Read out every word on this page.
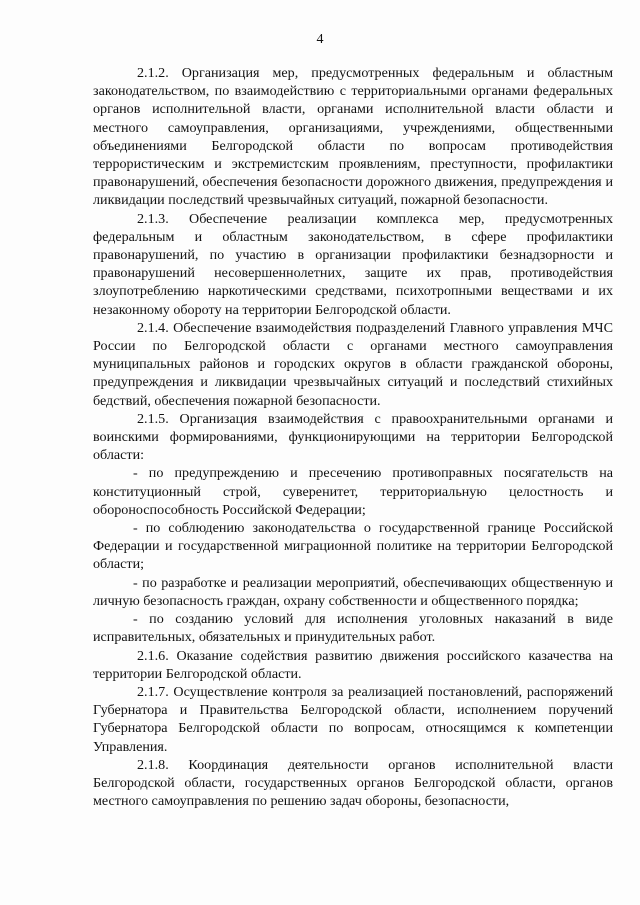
4

2.1.2. Организация мер, предусмотренных федеральным и областным законодательством, по взаимодействию с территориальными органами федеральных органов исполнительной власти, органами исполнительной власти области и местного самоуправления, организациями, учреждениями, общественными объединениями Белгородской области по вопросам противодействия террористическим и экстремистским проявлениям, преступности, профилактики правонарушений, обеспечения безопасности дорожного движения, предупреждения и ликвидации последствий чрезвычайных ситуаций, пожарной безопасности.

2.1.3. Обеспечение реализации комплекса мер, предусмотренных федеральным и областным законодательством, в сфере профилактики правонарушений, по участию в организации профилактики безнадзорности и правонарушений несовершеннолетних, защите их прав, противодействия злоупотреблению наркотическими средствами, психотропными веществами и их незаконному обороту на территории Белгородской области.

2.1.4. Обеспечение взаимодействия подразделений Главного управления МЧС России по Белгородской области с органами местного самоуправления муниципальных районов и городских округов в области гражданской обороны, предупреждения и ликвидации чрезвычайных ситуаций и последствий стихийных бедствий, обеспечения пожарной безопасности.

2.1.5. Организация взаимодействия с правоохранительными органами и воинскими формированиями, функционирующими на территории Белгородской области:

- по предупреждению и пресечению противоправных посягательств на конституционный строй, суверенитет, территориальную целостность и обороноспособность Российской Федерации;

- по соблюдению законодательства о государственной границе Российской Федерации и государственной миграционной политике на территории Белгородской области;

- по разработке и реализации мероприятий, обеспечивающих общественную и личную безопасность граждан, охрану собственности и общественного порядка;

- по созданию условий для исполнения уголовных наказаний в виде исправительных, обязательных и принудительных работ.

2.1.6. Оказание содействия развитию движения российского казачества на территории Белгородской области.

2.1.7. Осуществление контроля за реализацией постановлений, распоряжений Губернатора и Правительства Белгородской области, исполнением поручений Губернатора Белгородской области по вопросам, относящимся к компетенции Управления.

2.1.8. Координация деятельности органов исполнительной власти Белгородской области, государственных органов Белгородской области, органов местного самоуправления по решению задач обороны, безопасности,
